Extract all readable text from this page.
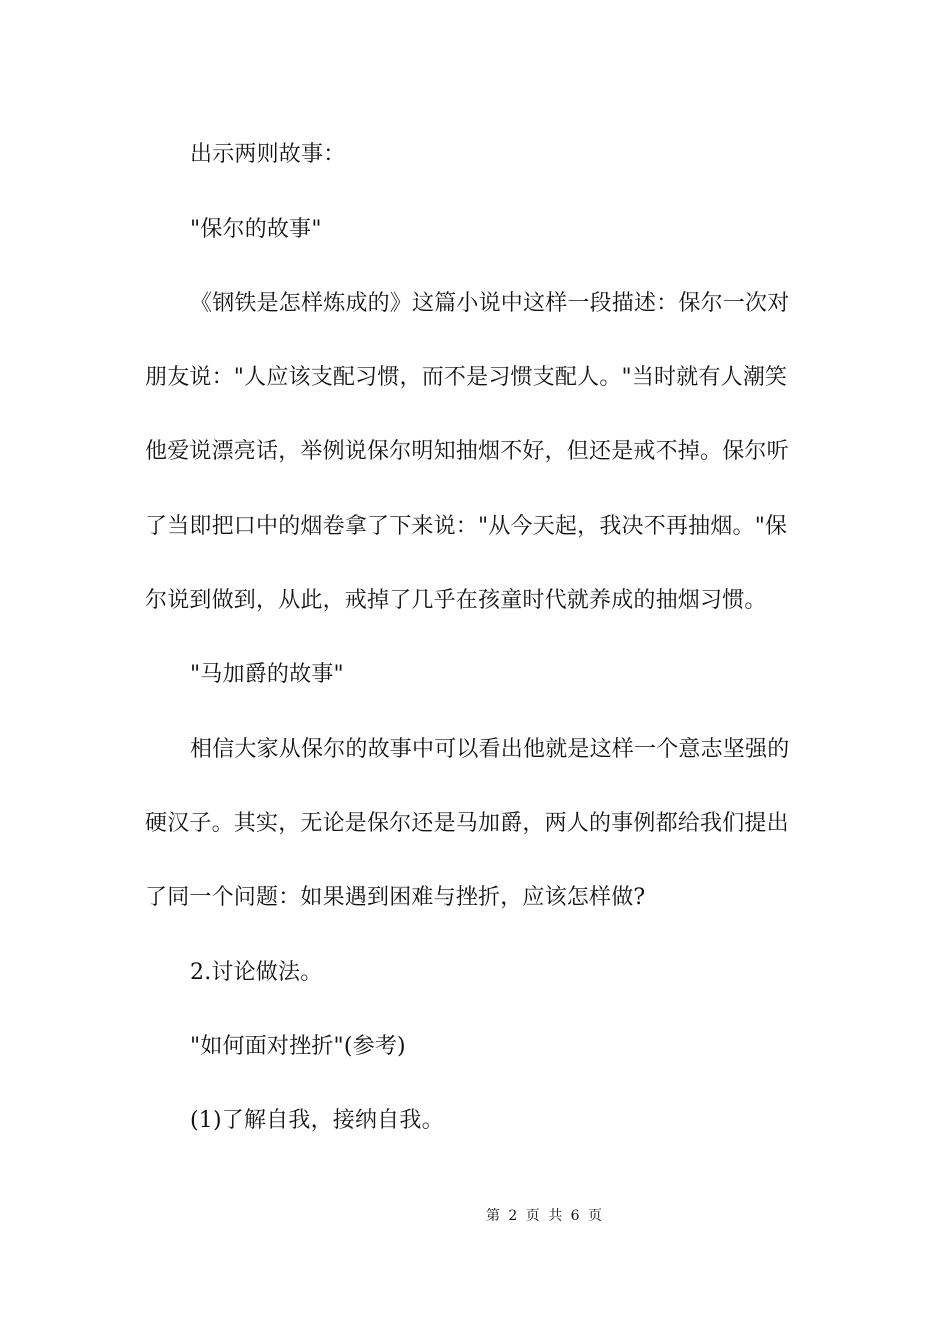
出示两则故事：
"保尔的故事"
《钢铁是怎样炼成的》这篇小说中这样一段描述：保尔一次对
朋友说："人应该支配习惯，而不是习惯支配人。"当时就有人潮笑
他爱说漂亮话，举例说保尔明知抽烟不好，但还是戒不掉。保尔听
了当即把口中的烟卷拿了下来说："从今天起，我决不再抽烟。"保
尔说到做到，从此，戒掉了几乎在孩童时代就养成的抽烟习惯。
"马加爵的故事"
相信大家从保尔的故事中可以看出他就是这样一个意志坚强的
硬汉子。其实，无论是保尔还是马加爵，两人的事例都给我们提出
了同一个问题：如果遇到困难与挫折，应该怎样做?
2.讨论做法。
"如何面对挫折"(参考)
(1)了解自我，接纳自我。
第 2 页 共 6 页
